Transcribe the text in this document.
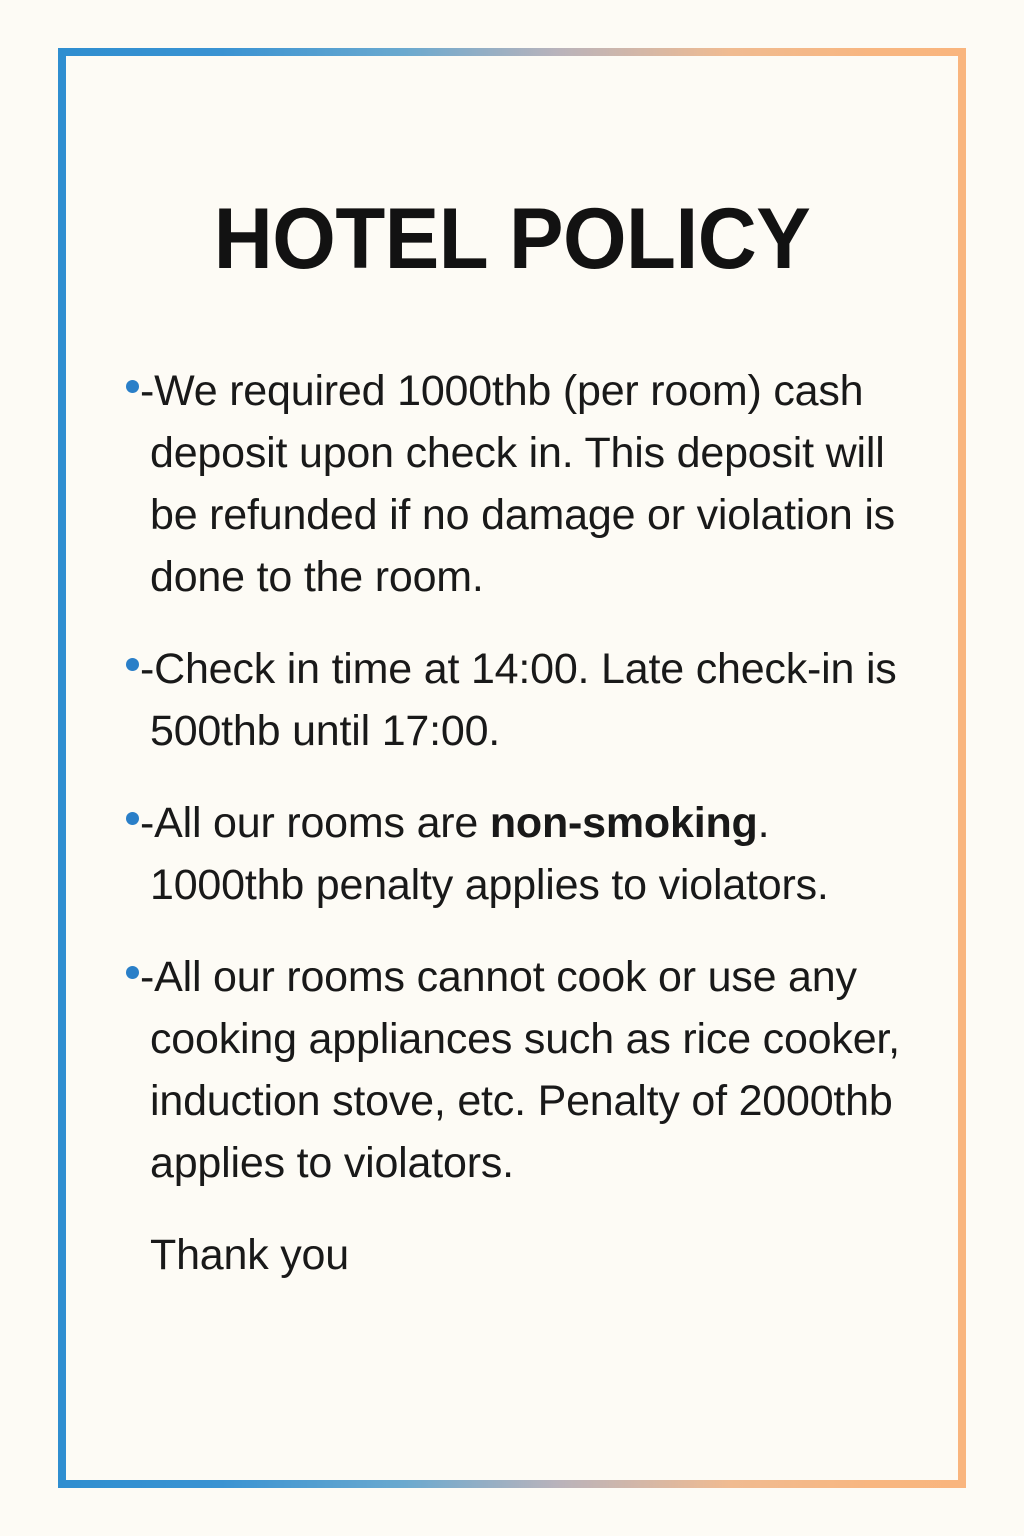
HOTEL POLICY
-We required 1000thb (per room) cash deposit upon check in. This deposit will be refunded if no damage or violation is done to the room.
-Check in time at 14:00. Late check-in is 500thb until 17:00.
-All our rooms are non-smoking. 1000thb penalty applies to violators.
-All our rooms cannot cook or use any cooking appliances such as rice cooker, induction stove, etc. Penalty of 2000thb applies to violators.

Thank you
